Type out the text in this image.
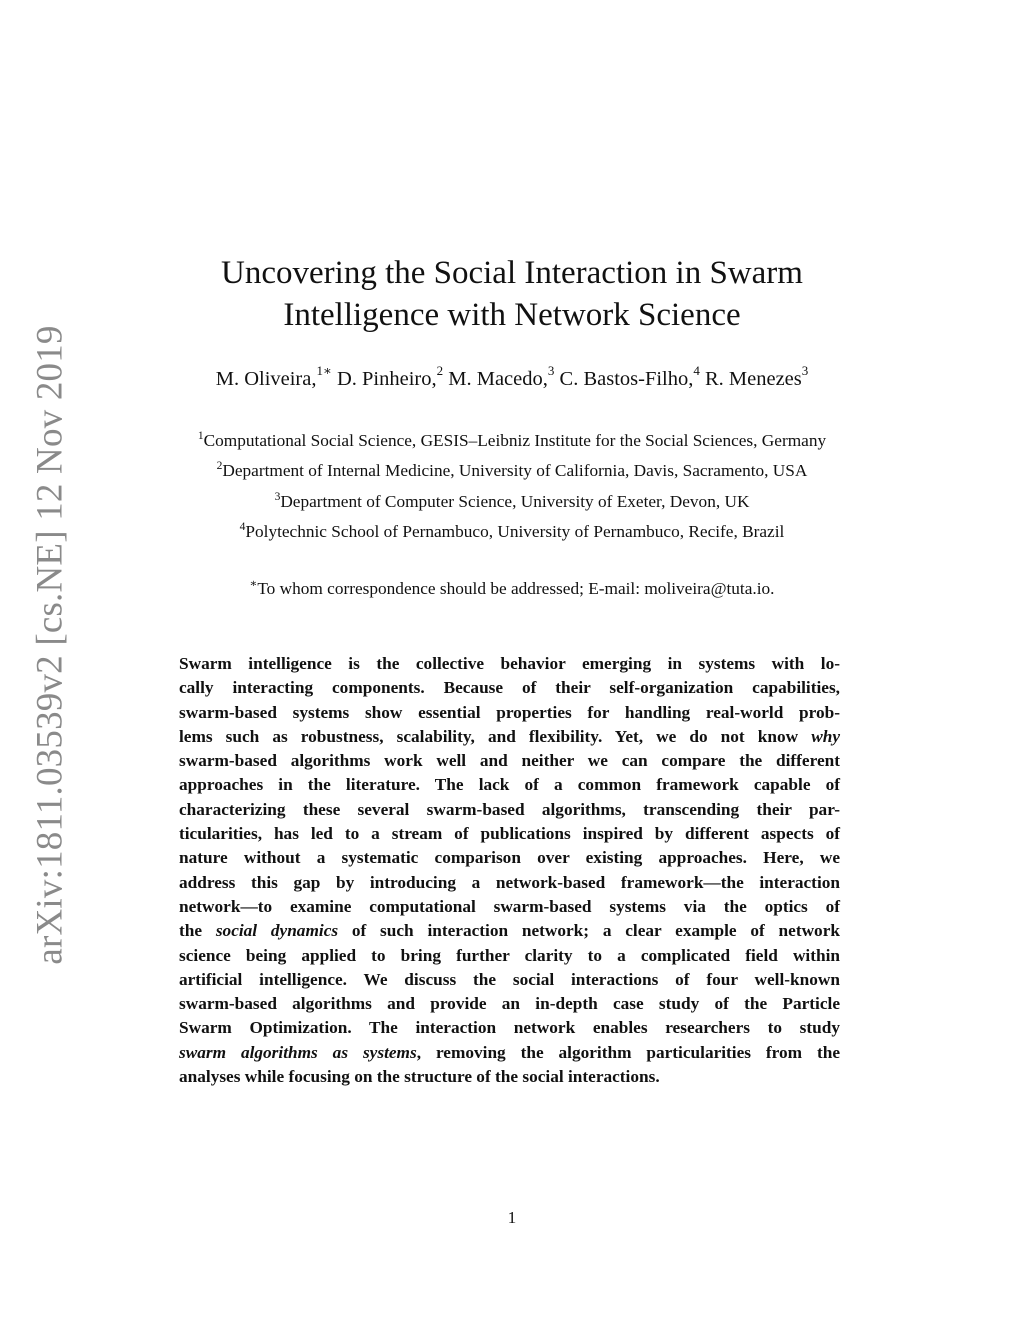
arXiv:1811.03539v2 [cs.NE] 12 Nov 2019
Uncovering the Social Interaction in Swarm
Intelligence with Network Science
M. Oliveira,$^{1∗}$ D. Pinheiro,$^2$ M. Macedo,$^3$ C. Bastos-Filho,$^4$ R. Menezes$^3$
$^1$Computational Social Science, GESIS–Leibniz Institute for the Social Sciences, Germany
$^2$Department of Internal Medicine, University of California, Davis, Sacramento, USA
$^3$Department of Computer Science, University of Exeter, Devon, UK
$^4$Polytechnic School of Pernambuco, University of Pernambuco, Recife, Brazil
∗To whom correspondence should be addressed; E-mail: moliveira@tuta.io.
Swarm intelligence is the collective behavior emerging in systems with lo-
cally interacting components. Because of their self-organization capabilities,
swarm-based systems show essential properties for handling real-world prob-
lems such as robustness, scalability, and flexibility. Yet, we do not know why
swarm-based algorithms work well and neither we can compare the different
approaches in the literature. The lack of a common framework capable of
characterizing these several swarm-based algorithms, transcending their par-
ticularities, has led to a stream of publications inspired by different aspects of
nature without a systematic comparison over existing approaches. Here, we
address this gap by introducing a network-based framework—the interaction
network—to examine computational swarm-based systems via the optics of
the social dynamics of such interaction network; a clear example of network
science being applied to bring further clarity to a complicated field within
artificial intelligence. We discuss the social interactions of four well-known
swarm-based algorithms and provide an in-depth case study of the Particle
Swarm Optimization. The interaction network enables researchers to study
swarm algorithms as systems, removing the algorithm particularities from the
analyses while focusing on the structure of the social interactions.
1
